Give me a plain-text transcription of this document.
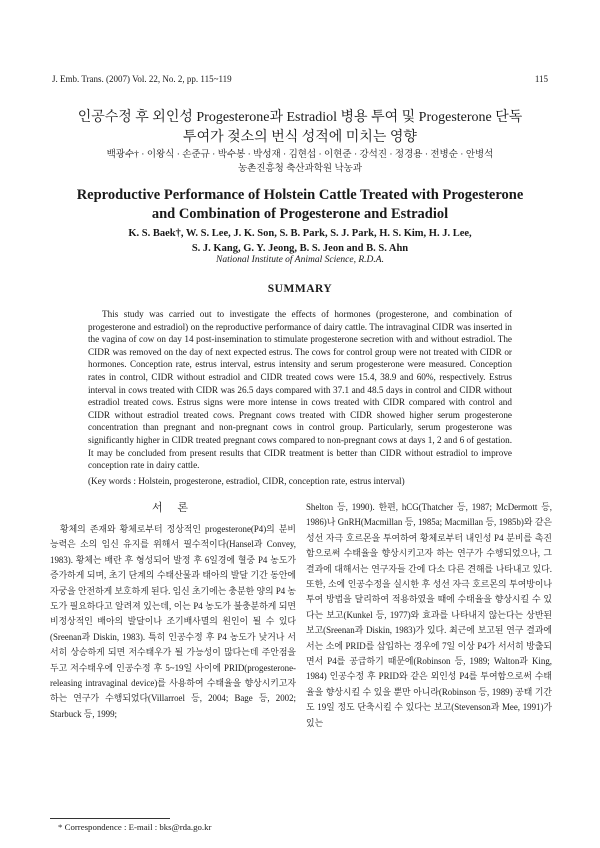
J. Emb. Trans. (2007) Vol. 22, No. 2, pp. 115~119	115
인공수정 후 외인성 Progesterone과 Estradiol 병용 투여 및 Progesterone 단독
투여가 젖소의 번식 성적에 미치는 영향
백광수† · 이왕식 · 손준규 · 박수봉 · 박성재 · 김현섭 · 이현준 · 강석진 · 정경용 · 전병순 · 안병석
농촌진흥청 축산과학원 낙농과
Reproductive Performance of Holstein Cattle Treated with Progesterone
and Combination of Progesterone and Estradiol
K. S. Baek†, W. S. Lee, J. K. Son, S. B. Park, S. J. Park, H. S. Kim, H. J. Lee,
S. J. Kang, G. Y. Jeong, B. S. Jeon and B. S. Ahn
National Institute of Animal Science, R.D.A.
SUMMARY
This study was carried out to investigate the effects of hormones (progesterone, and combination of progesterone and estradiol) on the reproductive performance of dairy cattle. The intravaginal CIDR was inserted in the vagina of cow on day 14 post-insemination to stimulate progesterone secretion with and without estradiol. The CIDR was removed on the day of next expected estrus. The cows for control group were not treated with CIDR or hormones. Conception rate, estrus interval, estrus intensity and serum progesterone were measured. Conception rates in control, CIDR without estradiol and CIDR treated cows were 15.4, 38.9 and 60%, respectively. Estrus interval in cows treated with CIDR was 26.5 days compared with 37.1 and 48.5 days in control and CIDR without estradiol treated cows. Estrus signs were more intense in cows treated with CIDR compared with control and CIDR without estradiol treated cows. Pregnant cows treated with CIDR showed higher serum progesterone concentration than pregnant and non-pregnant cows in control group. Particularly, serum progesterone was significantly higher in CIDR treated pregnant cows compared to non-pregnant cows at days 1, 2 and 6 of gestation. It may be concluded from present results that CIDR treatment is better than CIDR without estradiol to improve conception rate in dairy cattle.
(Key words : Holstein, progesterone, estradiol, CIDR, conception rate, estrus interval)
서 론

황체의 존재와 황체로부터 정상적인 progesterone(P4)의 분비 능력은 소의 임신 유지를 위해서 필수적이다(Hansel과 Convey, 1983). 황체는 배란 후 형성되어 발정 후 6일경에 혈중 P4 농도가 증가하게 되며, 초기 단계의 수태산물과 태아의 발달 기간 동안에 자궁을 안전하게 보호하게 된다. 임신 초기에는 충분한 양의 P4 농도가 필요하다고 알려져 있는데, 이는 P4 농도가 불충분하게 되면 비정상적인 배아의 발달이나 조기배사멸의 원인이 될 수 있다(Sreenan과 Diskin, 1983). 특히 인공수정 후 P4 농도가 낮거나 서서히 상승하게 되면 저수태우가 될 가능성이 많다는데 주안점을 두고 저수태우에 인공수정 후 5~19일 사이에 PRID(progesterone-releasing intravaginal device)를 사용하여 수태율을 향상시키고자 하는 연구가 수행되었다(Villarroel 등, 2004; Bage 등, 2002; Starbuck 등, 1999;

Shelton 등, 1990). 한편, hCG(Thatcher 등, 1987; McDermott 등, 1986)나 GnRH(Macmillan 등, 1985a; Macmillan 등, 1985b)와 같은 성선 자극 호르몬을 투여하여 황체로부터 내인성 P4 분비를 촉진함으로써 수태율을 향상시키고자 하는 연구가 수행되었으나, 그 결과에 대해서는 연구자들 간에 다소 다른 견해를 나타내고 있다. 또한, 소에 인공수정을 실시한 후 성선 자극 호르몬의 투여방이나 투여 방법을 달리하여 적용하였을 때에 수태율을 향상시킬 수 있다는 보고(Kunkel 등, 1977)와 효과를 나타내지 않는다는 상반된 보고(Sreenan과 Diskin, 1983)가 있다. 최근에 보고된 연구 결과에서는 소에 PRID를 삽입하는 경우에 7일 이상 P4가 서서히 방출되면서 P4를 공급하기 때문에(Robinson 등, 1989; Walton과 King, 1984) 인공수정 후 PRID와 같은 외인성 P4를 투여함으로써 수태율을 향상시킬 수 있을 뿐만 아니라(Robinson 등, 1989) 공태 기간도 19일 정도 단축시킬 수 있다는 보고(Stevenson과 Mee, 1991)가 있는

* Correspondence : E-mail : bks@rda.go.kr
